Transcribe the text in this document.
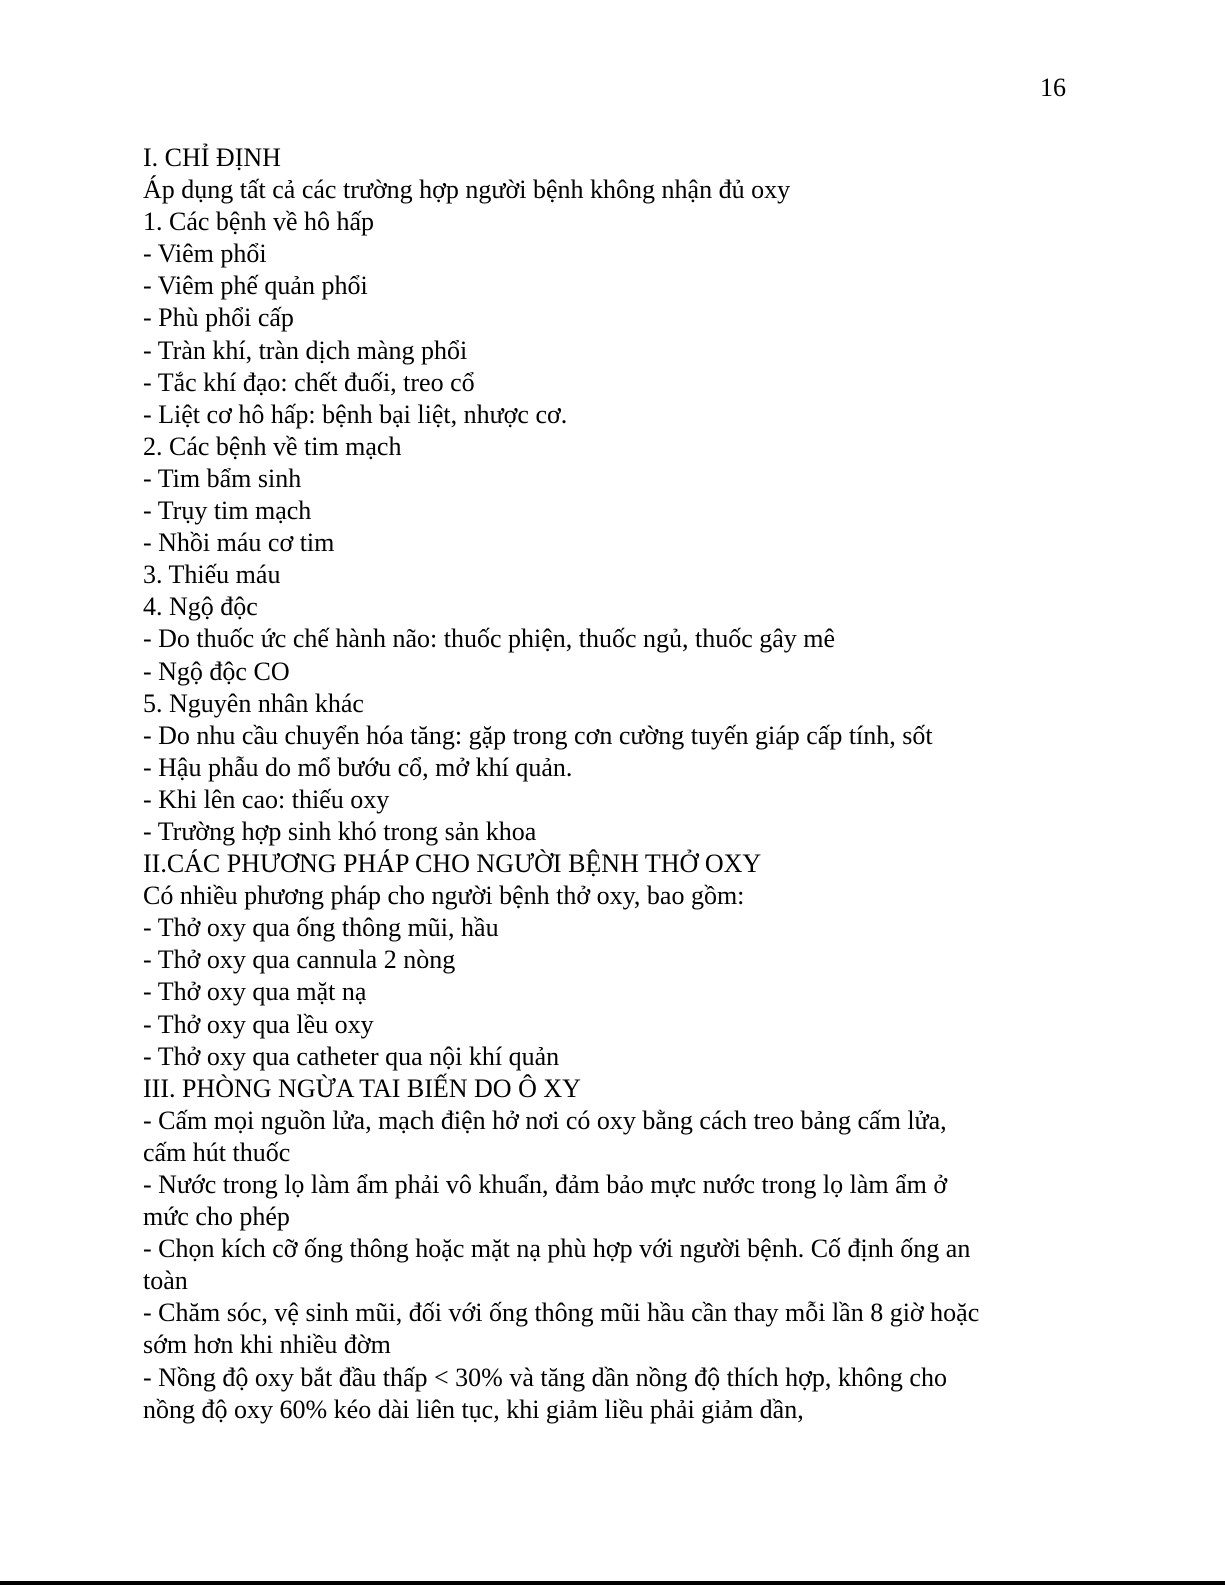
16
I. CHỈ ĐỊNH
Áp dụng tất cả các trường hợp người bệnh không nhận đủ oxy
1. Các bệnh về hô hấp
- Viêm phổi
- Viêm phế quản phổi
- Phù phổi cấp
- Tràn khí, tràn dịch màng phổi
- Tắc khí đạo: chết đuối, treo cổ
- Liệt cơ hô hấp: bệnh bại liệt, nhược cơ.
2. Các bệnh về tim mạch
- Tim bẩm sinh
- Trụy tim mạch
- Nhồi máu cơ tim
3. Thiếu máu
4. Ngộ độc
- Do thuốc ức chế hành não: thuốc phiện, thuốc ngủ, thuốc gây mê
- Ngộ độc CO
5. Nguyên nhân khác
- Do nhu cầu chuyển hóa tăng: gặp trong cơn cường tuyến giáp cấp tính, sốt
- Hậu phẫu do mổ bướu cổ, mở khí quản.
- Khi lên cao: thiếu oxy
- Trường hợp sinh khó trong sản khoa
II.CÁC PHƯƠNG PHÁP CHO NGƯỜI BỆNH THỞ OXY
Có nhiều phương pháp cho người bệnh thở oxy, bao gồm:
- Thở oxy qua ống thông mũi, hầu
- Thở oxy qua cannula 2 nòng
- Thở oxy qua mặt nạ
- Thở oxy qua lều oxy
- Thở oxy qua catheter qua nội khí quản
III. PHÒNG NGỪA TAI BIẾN DO Ô XY
- Cấm mọi nguồn lửa, mạch điện hở nơi có oxy bằng cách treo bảng cấm lửa,
cấm hút thuốc
- Nước trong lọ làm ẩm phải vô khuẩn, đảm bảo mực nước trong lọ làm ẩm ở
mức cho phép
- Chọn kích cỡ ống thông hoặc mặt nạ phù hợp với người bệnh. Cố định ống an
toàn
- Chăm sóc, vệ sinh mũi, đối với ống thông mũi hầu cần thay mỗi lần 8 giờ hoặc
sớm hơn khi nhiều đờm
- Nồng độ oxy bắt đầu thấp < 30% và tăng dần nồng độ thích hợp, không cho
nồng độ oxy 60% kéo dài liên tục, khi giảm liều phải giảm dần,
